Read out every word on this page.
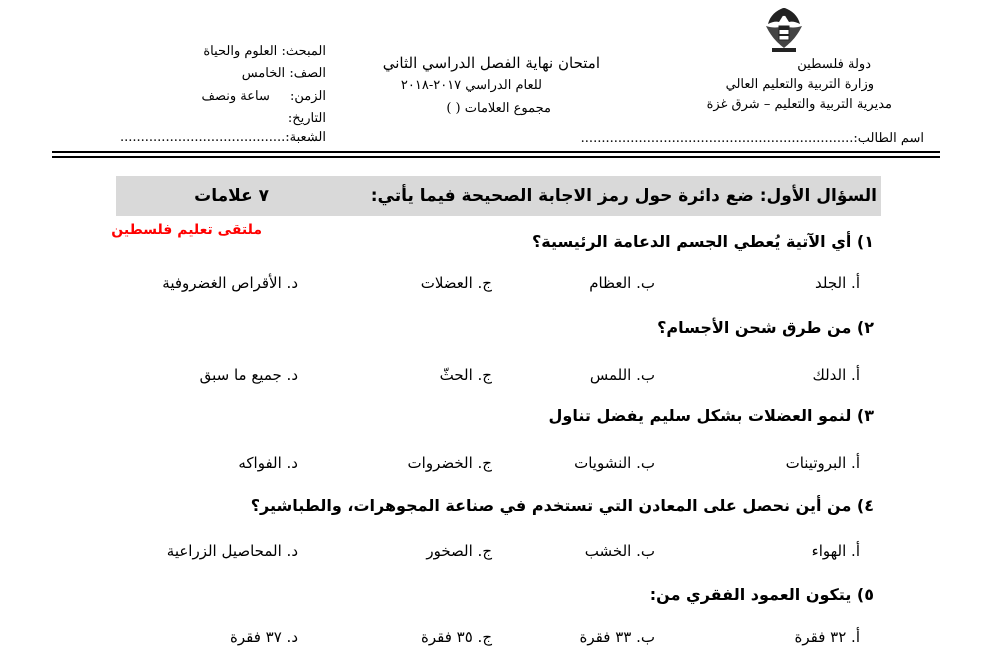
دولة فلسطين
وزارة التربية والتعليم العالي
مديرية التربية والتعليم – شرق غزة
اسم الطالب:..................................................................
امتحان نهاية الفصل الدراسي الثاني
للعام الدراسي ٢٠١٧-٢٠١٨
مجموع العلامات ( )
المبحث: العلوم والحياة
الصف: الخامس
الزمن: ساعة ونصف
التاريخ:
الشعبة:........................................
السؤال الأول: ضع دائرة حول رمز الاجابة الصحيحة فيما يأتي:
٧ علامات
ملتقى تعليم فلسطين
١) أي الآتية يُعطي الجسم الدعامة الرئيسية؟
أ. الجلد
ب. العظام
ج. العضلات
د. الأقراص الغضروفية
٢) من طرق شحن الأجسام؟
أ. الدلك
ب. اللمس
ج. الحثّ
د. جميع ما سبق
٣) لنمو العضلات بشكل سليم يفضل تناول
أ. البروتينات
ب. النشويات
ج. الخضروات
د. الفواكه
٤) من أين نحصل على المعادن التي تستخدم في صناعة المجوهرات، والطباشير؟
أ. الهواء
ب. الخشب
ج. الصخور
د. المحاصيل الزراعية
٥) يتكون العمود الفقري من:
أ. ٣٢ فقرة
ب. ٣٣ فقرة
ج. ٣٥ فقرة
د. ٣٧ فقرة
